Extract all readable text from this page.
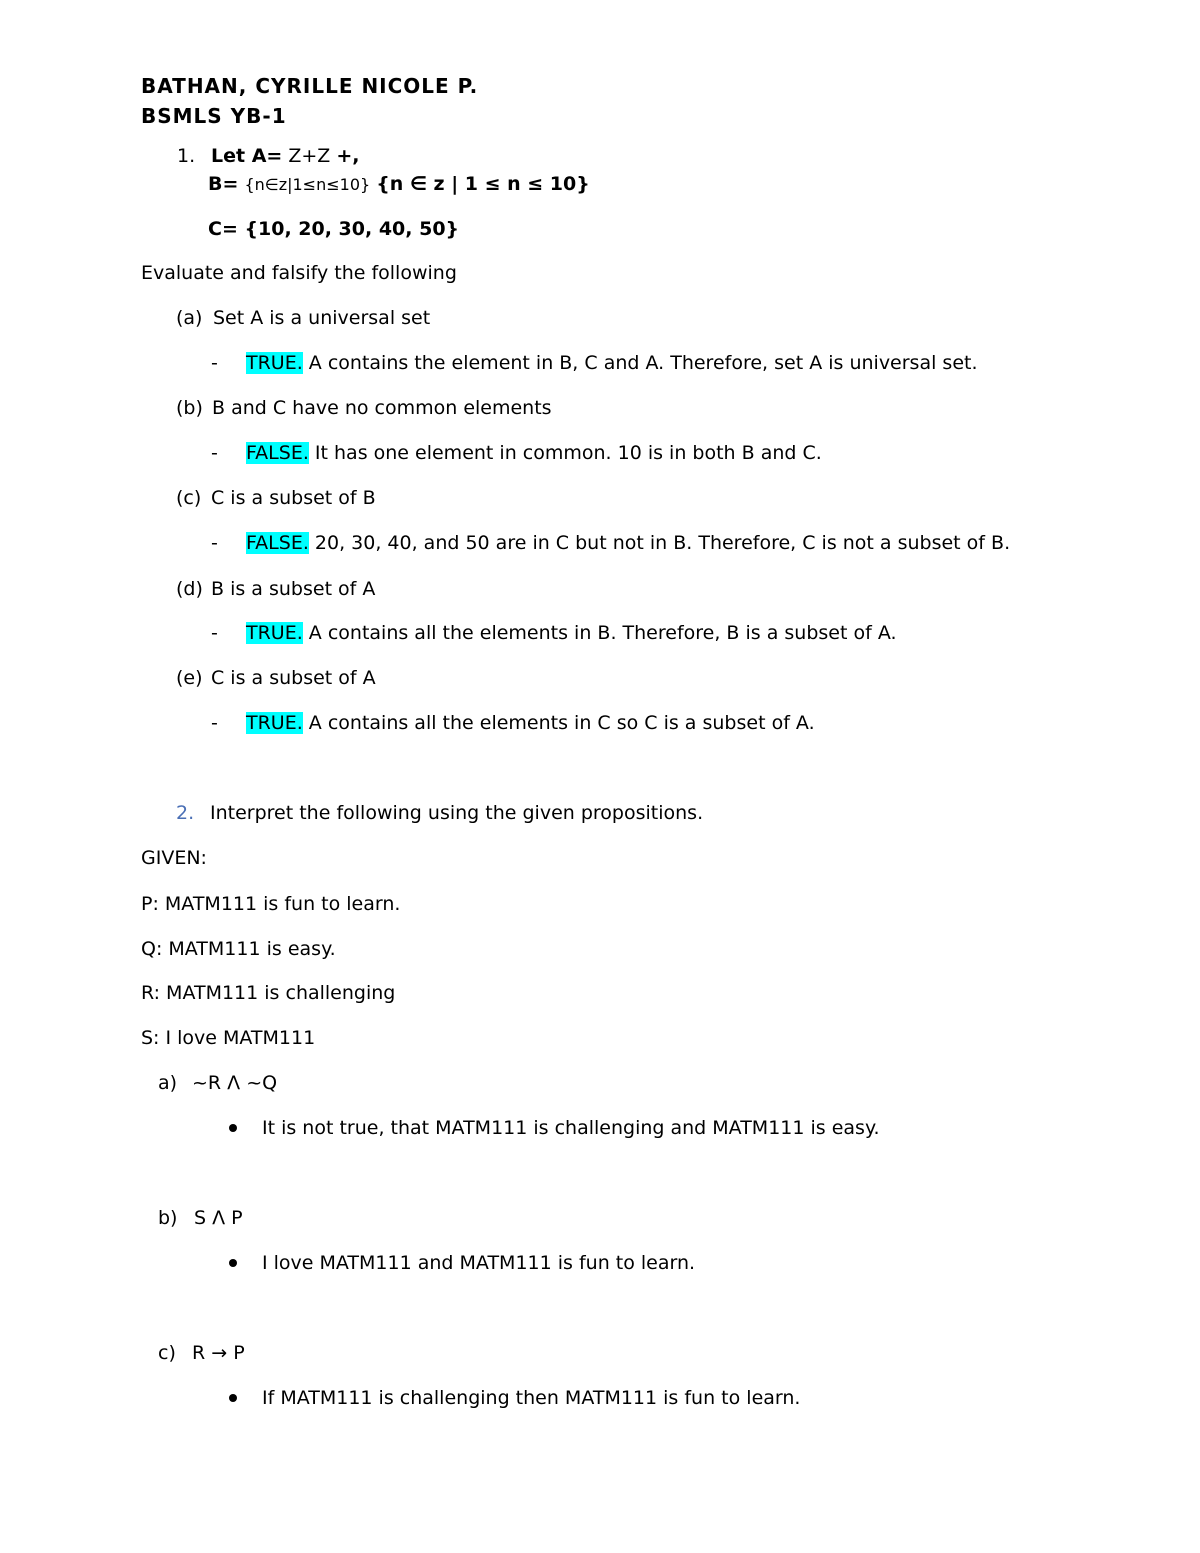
BATHAN, CYRILLE NICOLE P.
BSMLS YB-1
1. Let A= Z+Z +,
B= {n∈z|1≤n≤10} {n ∈ z | 1 ≤ n ≤ 10}
C= {10, 20, 30, 40, 50}
Evaluate and falsify the following
(a) Set A is a universal set
- TRUE. A contains the element in B, C and A. Therefore, set A is universal set.
(b) B and C have no common elements
- FALSE. It has one element in common. 10 is in both B and C.
(c) C is a subset of B
- FALSE. 20, 30, 40, and 50 are in C but not in B. Therefore, C is not a subset of B.
(d) B is a subset of A
- TRUE. A contains all the elements in B. Therefore, B is a subset of A.
(e) C is a subset of A
- TRUE. A contains all the elements in C so C is a subset of A.
2. Interpret the following using the given propositions.
GIVEN:
P: MATM111 is fun to learn.
Q: MATM111 is easy.
R: MATM111 is challenging
S: I love MATM111
a) ~R Λ ~Q
It is not true, that MATM111 is challenging and MATM111 is easy.
b) S Λ P
I love MATM111 and MATM111 is fun to learn.
c) R → P
If MATM111 is challenging then MATM111 is fun to learn.
